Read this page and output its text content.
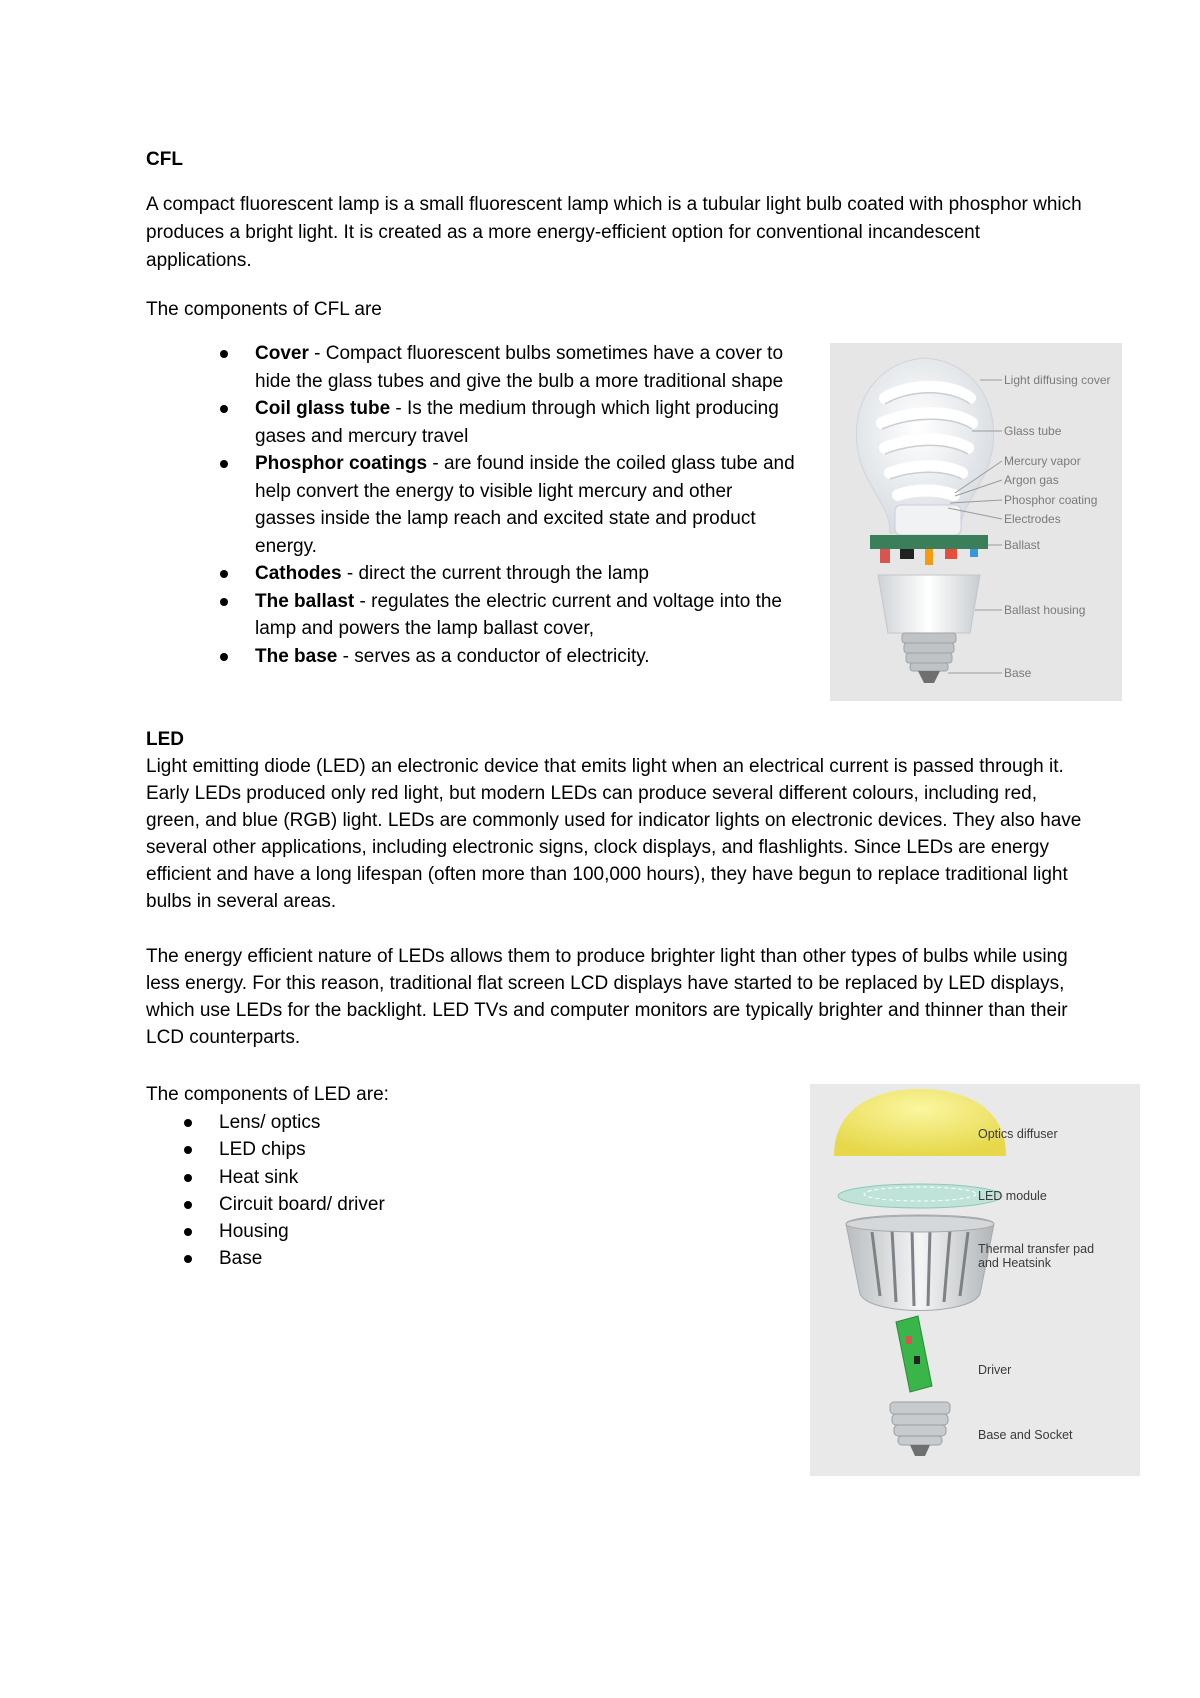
CFL

A compact fluorescent lamp is a small fluorescent lamp which is a tubular light bulb coated with phosphor which produces a bright light. It is created as a more energy-efficient option for conventional incandescent applications.

The components of CFL are
Cover - Compact fluorescent bulbs sometimes have a cover to hide the glass tubes and give the bulb a more traditional shape
Coil glass tube - Is the medium through which light producing gases and mercury travel
Phosphor coatings - are found inside the coiled glass tube and help convert the energy to visible light mercury and other gasses inside the lamp reach and excited state and product energy.
Cathodes - direct the current through the lamp
The ballast - regulates the electric current and voltage into the lamp and powers the lamp ballast cover,
The base - serves as a conductor of electricity.
Light diffusing cover
Glass tube
Mercury vapor
Argon gas
Phosphor coating
Electrodes
Ballast
Ballast housing
Base
LED

Light emitting diode (LED) an electronic device that emits light when an electrical current is passed through it. Early LEDs produced only red light, but modern LEDs can produce several different colours, including red, green, and blue (RGB) light. LEDs are commonly used for indicator lights on electronic devices. They also have several other applications, including electronic signs, clock displays, and flashlights. Since LEDs are energy efficient and have a long lifespan (often more than 100,000 hours), they have begun to replace traditional light bulbs in several areas.

The energy efficient nature of LEDs allows them to produce brighter light than other types of bulbs while using less energy. For this reason, traditional flat screen LCD displays have started to be replaced by LED displays, which use LEDs for the backlight. LED TVs and computer monitors are typically brighter and thinner than their LCD counterparts.

The components of LED are:
Lens/ optics
LED chips
Heat sink
Circuit board/ driver
Housing
Base
Optics diffuser
LED module
Thermal transfer pad
and Heatsink
Driver
Base and Socket
